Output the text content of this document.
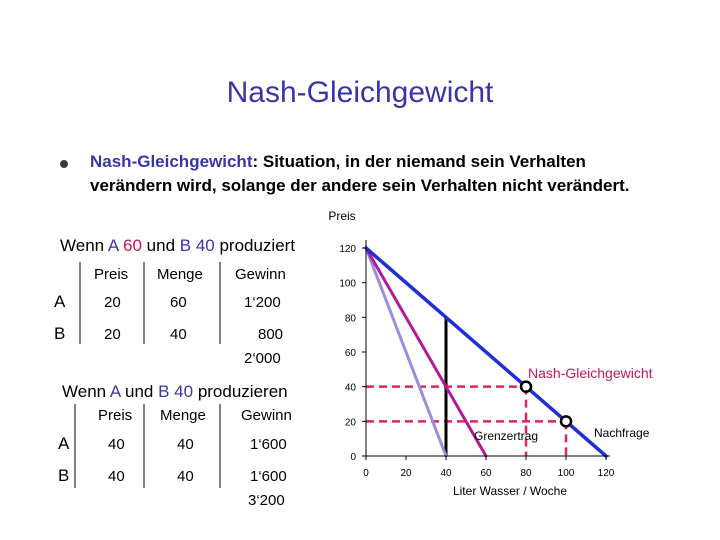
Nash-Gleichgewicht
Nash-Gleichgewicht: Situation, in der niemand sein Verhalten
verändern wird, solange der andere sein Verhalten nicht verändert.
Wenn A 60 und B 40 produziert
Preis Menge Gewinn
A	20	60	1‘200
B	20	40	800
2‘000
Wenn A und B 40 produzieren
Preis Menge Gewinn
A	40	40	1‘600
B	40	40	1‘600
3‘200
0
20
40
60
80
100
120
0	20	40	60	80	100 120
Preis
Liter Wasser / Woche
Nash-Gleichgewicht
Nachfrage
Grenzertrag
